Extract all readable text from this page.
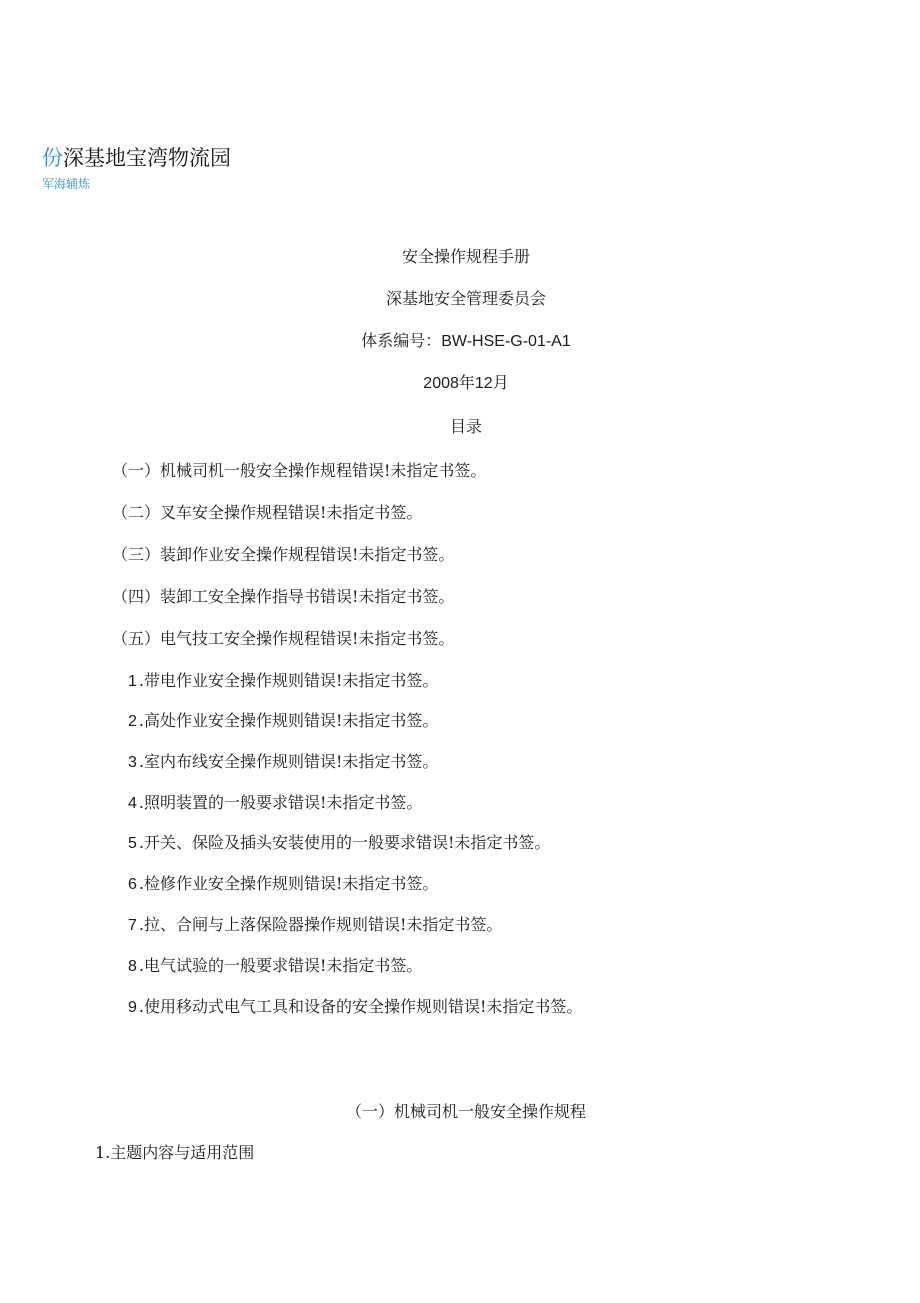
份深基地宝湾物流园
军海辅炼
安全操作规程手册
深基地安全管理委员会
体系编号：BW-HSE-G-01-A1
2008年12月
目录
（一）机械司机一般安全操作规程错误!未指定书签。
（二）叉车安全操作规程错误!未指定书签。
（三）装卸作业安全操作规程错误!未指定书签。
（四）装卸工安全操作指导书错误!未指定书签。
（五）电气技工安全操作规程错误!未指定书签。
1 .带电作业安全操作规则错误!未指定书签。
2 .高处作业安全操作规则错误!未指定书签。
3 .室内布线安全操作规则错误!未指定书签。
4 .照明装置的一般要求错误!未指定书签。
5 .开关、保险及插头安装使用的一般要求错误!未指定书签。
6 .检修作业安全操作规则错误!未指定书签。
7 .拉、合闸与上落保险器操作规则错误!未指定书签。
8 .电气试验的一般要求错误!未指定书签。
9 .使用移动式电气工具和设备的安全操作规则错误!未指定书签。
（一）机械司机一般安全操作规程
1.主题内容与适用范围
